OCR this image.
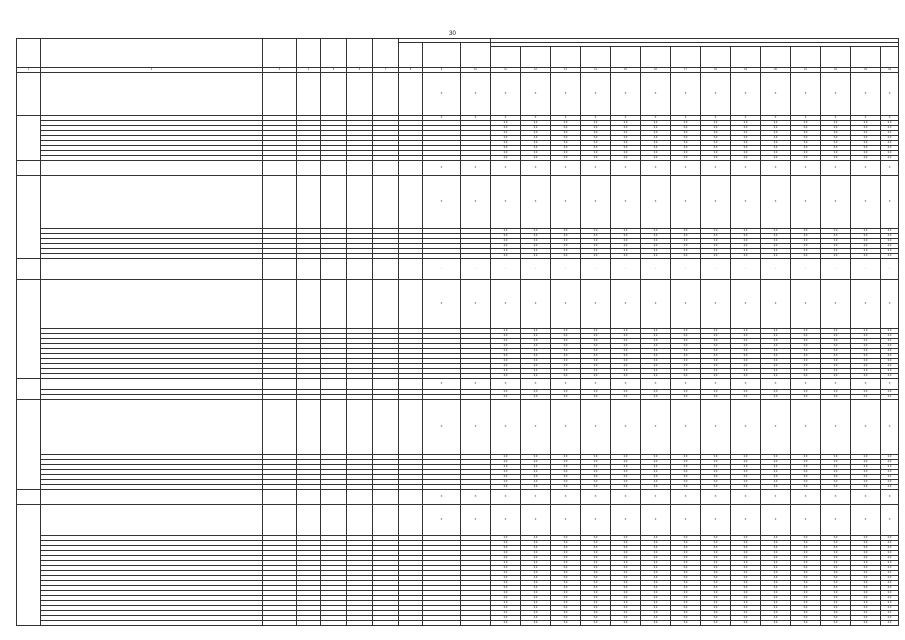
30

1	2	3	4	5	6	7	8	9	10	11	12	13	14	15	16	17	18	19	20	21	22	23	24
								X	X	X	X	X	X	X	X	X	X	X	X	X	X	X	X
								X	X	X	X	X	X	X	X	X	X	X	X	X	X	X	X
										0,0	0,0	0,0	0,0	0,0	0,0	0,0	0,0	0,0	0,0	0,0	0,0	0,0	0,0
										0,0	0,0	0,0	0,0	0,0	0,0	0,0	0,0	0,0	0,0	0,0	0,0	0,0	0,0
										0,0	0,0	0,0	0,0	0,0	0,0	0,0	0,0	0,0	0,0	0,0	0,0	0,0	0,0
										0,0	0,0	0,0	0,0	0,0	0,0	0,0	0,0	0,0	0,0	0,0	0,0	0,0	0,0
										0,0	0,0	0,0	0,0	0,0	0,0	0,0	0,0	0,0	0,0	0,0	0,0	0,0	0,0
										0,0	0,0	0,0	0,0	0,0	0,0	0,0	0,0	0,0	0,0	0,0	0,0	0,0	0,0
										0,0	0,0	0,0	0,0	0,0	0,0	0,0	0,0	0,0	0,0	0,0	0,0	0,0	0,0
										0,0	0,0	0,0	0,0	0,0	0,0	0,0	0,0	0,0	0,0	0,0	0,0	0,0	0,0
								X	X	X	X	X	X	X	X	X	X	X	X	X	X	X	X
								X	X	X	X	X	X	X	X	X	X	X	X	X	X	X	X
										0,0	0,0	0,0	0,0	0,0	0,0	0,0	0,0	0,0	0,0	0,0	0,0	0,0	0,0
										0,0	0,0	0,0	0,0	0,0	0,0	0,0	0,0	0,0	0,0	0,0	0,0	0,0	0,0
										0,0	0,0	0,0	0,0	0,0	0,0	0,0	0,0	0,0	0,0	0,0	0,0	0,0	0,0
										0,0	0,0	0,0	0,0	0,0	0,0	0,0	0,0	0,0	0,0	0,0	0,0	0,0	0,0
										0,0	0,0	0,0	0,0	0,0	0,0	0,0	0,0	0,0	0,0	0,0	0,0	0,0	0,0
										0,0	0,0	0,0	0,0	0,0	0,0	0,0	0,0	0,0	0,0	0,0	0,0	0,0	0,0
								-	-	-	-	-	-	-	-	-	-	-	-	-	-	-	-
								X	X	X	X	X	X	X	X	X	X	X	X	X	X	X	X
										0,0	0,0	0,0	0,0	0,0	0,0	0,0	0,0	0,0	0,0	0,0	0,0	0,0	0,0
										0,0	0,0	0,0	0,0	0,0	0,0	0,0	0,0	0,0	0,0	0,0	0,0	0,0	0,0
										0,0	0,0	0,0	0,0	0,0	0,0	0,0	0,0	0,0	0,0	0,0	0,0	0,0	0,0
										0,0	0,0	0,0	0,0	0,0	0,0	0,0	0,0	0,0	0,0	0,0	0,0	0,0	0,0
										0,0	0,0	0,0	0,0	0,0	0,0	0,0	0,0	0,0	0,0	0,0	0,0	0,0	0,0
										0,0	0,0	0,0	0,0	0,0	0,0	0,0	0,0	0,0	0,0	0,0	0,0	0,0	0,0
										0,0	0,0	0,0	0,0	0,0	0,0	0,0	0,0	0,0	0,0	0,0	0,0	0,0	0,0
										0,0	0,0	0,0	0,0	0,0	0,0	0,0	0,0	0,0	0,0	0,0	0,0	0,0	0,0
										0,0	0,0	0,0	0,0	0,0	0,0	0,0	0,0	0,0	0,0	0,0	0,0	0,0	0,0
										0,0	0,0	0,0	0,0	0,0	0,0	0,0	0,0	0,0	0,0	0,0	0,0	0,0	0,0
								X	X	X	X	X	X	X	X	X	X	X	X	X	X	X	X
										0,0	0,0	0,0	0,0	0,0	0,0	0,0	0,0	0,0	0,0	0,0	0,0	0,0	0,0
										0,0	0,0	0,0	0,0	0,0	0,0	0,0	0,0	0,0	0,0	0,0	0,0	0,0	0,0
								X	X	X	X	X	X	X	X	X	X	X	X	X	X	X	X
										0,0	0,0	0,0	0,0	0,0	0,0	0,0	0,0	0,0	0,0	0,0	0,0	0,0	0,0
										0,0	0,0	0,0	0,0	0,0	0,0	0,0	0,0	0,0	0,0	0,0	0,0	0,0	0,0
										0,0	0,0	0,0	0,0	0,0	0,0	0,0	0,0	0,0	0,0	0,0	0,0	0,0	0,0
										0,0	0,0	0,0	0,0	0,0	0,0	0,0	0,0	0,0	0,0	0,0	0,0	0,0	0,0
										0,0	0,0	0,0	0,0	0,0	0,0	0,0	0,0	0,0	0,0	0,0	0,0	0,0	0,0
										0,0	0,0	0,0	0,0	0,0	0,0	0,0	0,0	0,0	0,0	0,0	0,0	0,0	0,0
										0,0	0,0	0,0	0,0	0,0	0,0	0,0	0,0	0,0	0,0	0,0	0,0	0,0	0,0
								X	X	X	X	X	X	X	X	X	X	X	X	X	X	X	X
								X	X	X	X	X	X	X	X	X	X	X	X	X	X	X	X
										0,0	0,0	0,0	0,0	0,0	0,0	0,0	0,0	0,0	0,0	0,0	0,0	0,0	0,0
										0,0	0,0	0,0	0,0	0,0	0,0	0,0	0,0	0,0	0,0	0,0	0,0	0,0	0,0
										0,0	0,0	0,0	0,0	0,0	0,0	0,0	0,0	0,0	0,0	0,0	0,0	0,0	0,0
										0,0	0,0	0,0	0,0	0,0	0,0	0,0	0,0	0,0	0,0	0,0	0,0	0,0	0,0
										0,0	0,0	0,0	0,0	0,0	0,0	0,0	0,0	0,0	0,0	0,0	0,0	0,0	0,0
										0,0	0,0	0,0	0,0	0,0	0,0	0,0	0,0	0,0	0,0	0,0	0,0	0,0	0,0
										0,0	0,0	0,0	0,0	0,0	0,0	0,0	0,0	0,0	0,0	0,0	0,0	0,0	0,0
										0,0	0,0	0,0	0,0	0,0	0,0	0,0	0,0	0,0	0,0	0,0	0,0	0,0	0,0
										0,0	0,0	0,0	0,0	0,0	0,0	0,0	0,0	0,0	0,0	0,0	0,0	0,0	0,0
										0,0	0,0	0,0	0,0	0,0	0,0	0,0	0,0	0,0	0,0	0,0	0,0	0,0	0,0
										0,0	0,0	0,0	0,0	0,0	0,0	0,0	0,0	0,0	0,0	0,0	0,0	0,0	0,0
										0,0	0,0	0,0	0,0	0,0	0,0	0,0	0,0	0,0	0,0	0,0	0,0	0,0	0,0
										0,0	0,0	0,0	0,0	0,0	0,0	0,0	0,0	0,0	0,0	0,0	0,0	0,0	0,0
										0,0	0,0	0,0	0,0	0,0	0,0	0,0	0,0	0,0	0,0	0,0	0,0	0,0	0,0
										0,0	0,0	0,0	0,0	0,0	0,0	0,0	0,0	0,0	0,0	0,0	0,0	0,0	0,0
										0,0	0,0	0,0	0,0	0,0	0,0	0,0	0,0	0,0	0,0	0,0	0,0	0,0	0,0
										0,0	0,0	0,0	0,0	0,0	0,0	0,0	0,0	0,0	0,0	0,0	0,0	0,0	0,0
										0,0	0,0	0,0	0,0	0,0	0,0	0,0	0,0	0,0	0,0	0,0	0,0	0,0	0,0
